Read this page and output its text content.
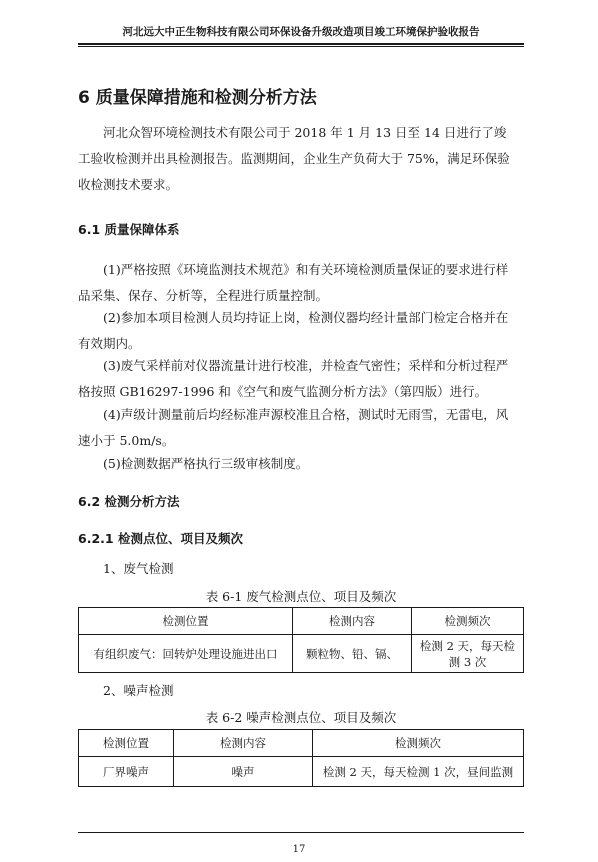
河北远大中正生物科技有限公司环保设备升级改造项目竣工环境保护验收报告
6 质量保障措施和检测分析方法
河北众智环境检测技术有限公司于 2018 年 1 月 13 日至 14 日进行了竣工验收检测并出具检测报告。监测期间，企业生产负荷大于 75%，满足环保验收检测技术要求。
6.1 质量保障体系
(1)严格按照《环境监测技术规范》和有关环境检测质量保证的要求进行样品采集、保存、分析等，全程进行质量控制。
(2)参加本项目检测人员均持证上岗，检测仪器均经计量部门检定合格并在有效期内。
(3)废气采样前对仪器流量计进行校准，并检查气密性；采样和分析过程严格按照 GB16297-1996 和《空气和废气监测分析方法》（第四版）进行。
(4)声级计测量前后均经标准声源校准且合格，测试时无雨雪，无雷电，风速小于 5.0m/s。
(5)检测数据严格执行三级审核制度。
6.2 检测分析方法
6.2.1 检测点位、项目及频次
1、废气检测
表 6-1 废气检测点位、项目及频次
检测位置	检测内容	检测频次
有组织废气：回转炉处理设施进出口	颗粒物、铅、镉、	检测 2 天，每天检测 3 次
2、噪声检测
表 6-2 噪声检测点位、项目及频次
检测位置	检测内容	检测频次
厂界噪声	噪声	检测 2 天，每天检测 1 次，昼间监测
17
